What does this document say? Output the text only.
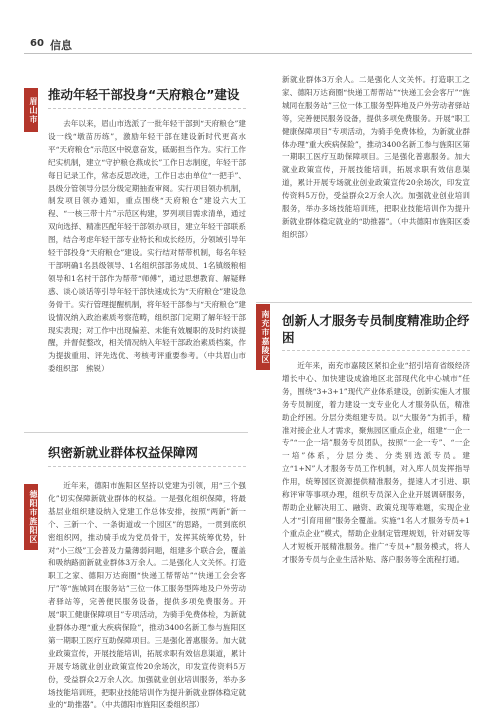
60 信息
眉山市
推动年轻干部投身“天府粮仓”建设

去年以来，眉山市选派了一批年轻干部到“天府粮仓”建设一线“墩苗历练”，激励年轻干部在建设新时代更高水平“天府粮仓”示范区中锐意奋发，砥砺担当作为。实行工作纪实机制，建立“守护粮仓燕成长”工作日志制度，年轻干部每日记录工作，常态反思改进，工作日志由单位“一把手”、县级分管领导分层分级定期抽查审阅。实行项目领办机制，制发项目领办通知，重点围绕“天府粮仓”建设六大工程、“一核三带十片”示范区构建，罗列项目需求清单，通过双向选择、精准匹配年轻干部领办项目，建立年轻干部联系图，结合考虑年轻干部专业特长和成长经历，分领域引导年轻干部投身“天府粮仓”建设。实行结对帮带机制，每名年轻干部明确1名县级领导、1名组织部部务成员、1名镇级粮相领导和1名村干部作为帮带“师傅”，通过思想教育、解疑释惑、谈心谈话等引导年轻干部快速成长为“天府粮仓”建设急务骨干。实行管理提醒机制，将年轻干部参与“天府粮仓”建设情况纳入政治素质考察范畴，组织部门定期了解年轻干部现实表现；对工作中出现偏差、未能有效履职的及时约谈提醒，并督促整改，相关情况纳入年轻干部政治素质档案，作为提拔重用、评先选优、考核考评重要参考。（中共眉山市委组织部　熊锐）

德阳市旌阳区
织密新就业群体权益保障网

近年来，德阳市旌阳区坚持以党建为引领，用“三个强化”切实保障新就业群体的权益。一是强化组织保障，将最基层业组织建设纳入党建工作总体安排，按照“两新”新一个、三新一个、一条街道或一个园区”的思路，一贯到底织密组织网，推动骑手成为党员骨干，发挥其统筹优势，针对“小三级”工会普及力量薄弱问题，组建多个联合会，覆盖和吸纳路面新就业群体3万余人。二是强化人文关怀。打造职工之家、德阳万达商圈“快递工帮帮站”“快递工会会客厅”等“旌城同在服务站”三位一体工服务型阵地及户外劳动者驿站等，完善便民服务设备，提供多项免费服务。开展“职工健康保障项目”专项活动，为骑手免费体检，为新就业群体办理“重大疾病保险”，推动3400名新工参与旌阳区第一期职工医疗互助保障项目。三是强化普惠服务。加大就业政策宣传，开展技能培训，拓展求职有效信息渠道，累计开展专场就业创业政策宣传20余场次，印发宣传资料5万份，受益群众2万余人次。加强就业创业培训服务，举办多场技能培训班，把职业技能培训作为提升新就业群体稳定就业的“助推器”。（中共德阳市旌阳区委组织部）

新就业群体3万余人。二是强化人文关怀。打造职工之家、德阳万达商圈“快递工帮帮站”“快递工会会客厅”“旌城同在服务站”三位一体工服务型阵地及户外劳动者驿站等，完善便民服务设备，提供多项免费服务。开展“职工健康保障项目”专项活动，为骑手免费体检，为新就业群体办理“重大疾病保险”，推动3400名新工参与旌阳区第一期职工医疗互助保障项目。三是强化普惠服务。加大就业政策宣传，开展技能培训，拓展求职有效信息渠道，累计开展专场就业创业政策宣传20余场次，印发宣传资料5万份，受益群众2万余人次。加强就业创业培训服务，举办多场技能培训班，把职业技能培训作为提升新就业群体稳定就业的“助推器”。（中共德阳市旌阳区委组织部）

南充市嘉陵区 创新人才服务专员制度精准助企纾困

近年来，南充市嘉陵区紧扣企业“招引培育省级经济增长中心、加快建设成渝地区北部现代化中心城市”任务，围绕“3+3+1”现代产业体系建设，创新实施人才服务专员制度，着力建设一支专业化人才服务队伍，精准助企纾困。分层分类组建专员。以“大服务”为抓手，精准对接企业人才需求，聚焦园区重点企业，组建“一企一专”“一企一培”服务专员团队，按照“一企一专”、“一企一培”体系，分层分类、分类别选派专员。建立“1+N”人才服务专员工作机制，对入库人员发挥指导作用，统筹园区资源提供精准服务，提速人才引进、职称评审等事项办理，组织专员深入企业开展调研服务，帮助企业解决用工、融资、政策兑现等难题，实现企业人才“引育用留”服务全覆盖。实施“1名人才服务专员+1个重点企业”模式，帮助企业制定管理规划，针对研发等人才短板开展精准服务。推广“专员+”服务模式，将人才服务专员与企业生活补贴、落户服务等全流程打通。
